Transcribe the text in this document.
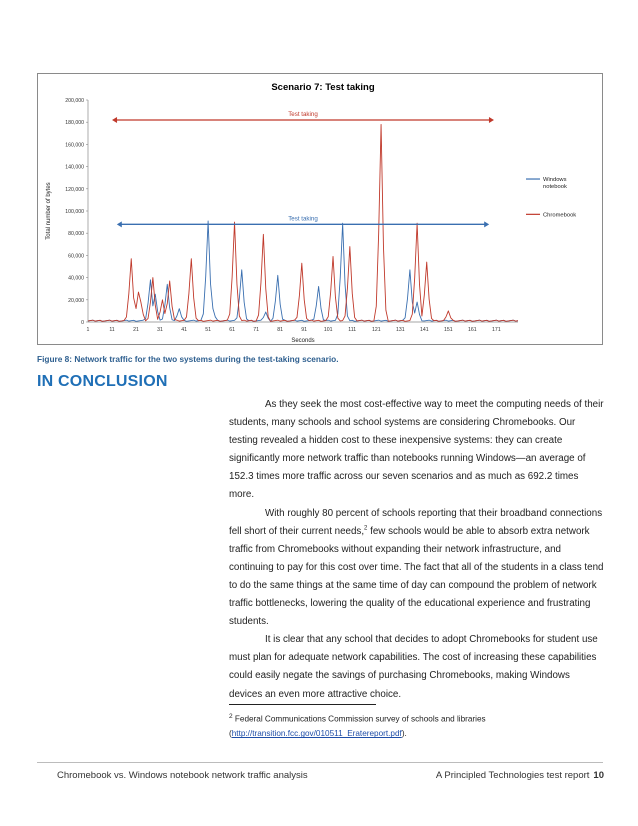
Scenario 7: Test taking
0
20,000
40,000
60,000
80,000
100,000
120,000
140,000
160,000
180,000
200,000
1	11	21	31	41	51	61	71	81	91	101	111	121	131	141	151	161	171
Seconds
Total number of bytes
Test taking
Test taking
Windows notebook
Chromebook
Figure 8: Network traffic for the two systems during the test-taking scenario.
IN CONCLUSION

As they seek the most cost-effective way to meet the computing needs of their students, many schools and school systems are considering Chromebooks. Our testing revealed a hidden cost to these inexpensive systems: they can create significantly more network traffic than notebooks running Windows—an average of 152.3 times more traffic across our seven scenarios and as much as 692.2 times more.

With roughly 80 percent of schools reporting that their broadband connections fell short of their current needs,$^2$ few schools would be able to absorb extra network traffic from Chromebooks without expanding their network infrastructure, and continuing to pay for this cost over time. The fact that all of the students in a class tend to do the same things at the same time of day can compound the problem of network traffic bottlenecks, lowering the quality of the educational experience and frustrating students.

It is clear that any school that decides to adopt Chromebooks for student use must plan for adequate network capabilities. The cost of increasing these capabilities could easily negate the savings of purchasing Chromebooks, making Windows devices an even more attractive choice.

$^2$ Federal Communications Commission survey of schools and libraries
(http://transition.fcc.gov/010511_Eratereport.pdf).
Chromebook vs. Windows notebook network traffic analysis	A Principled Technologies test report 10
